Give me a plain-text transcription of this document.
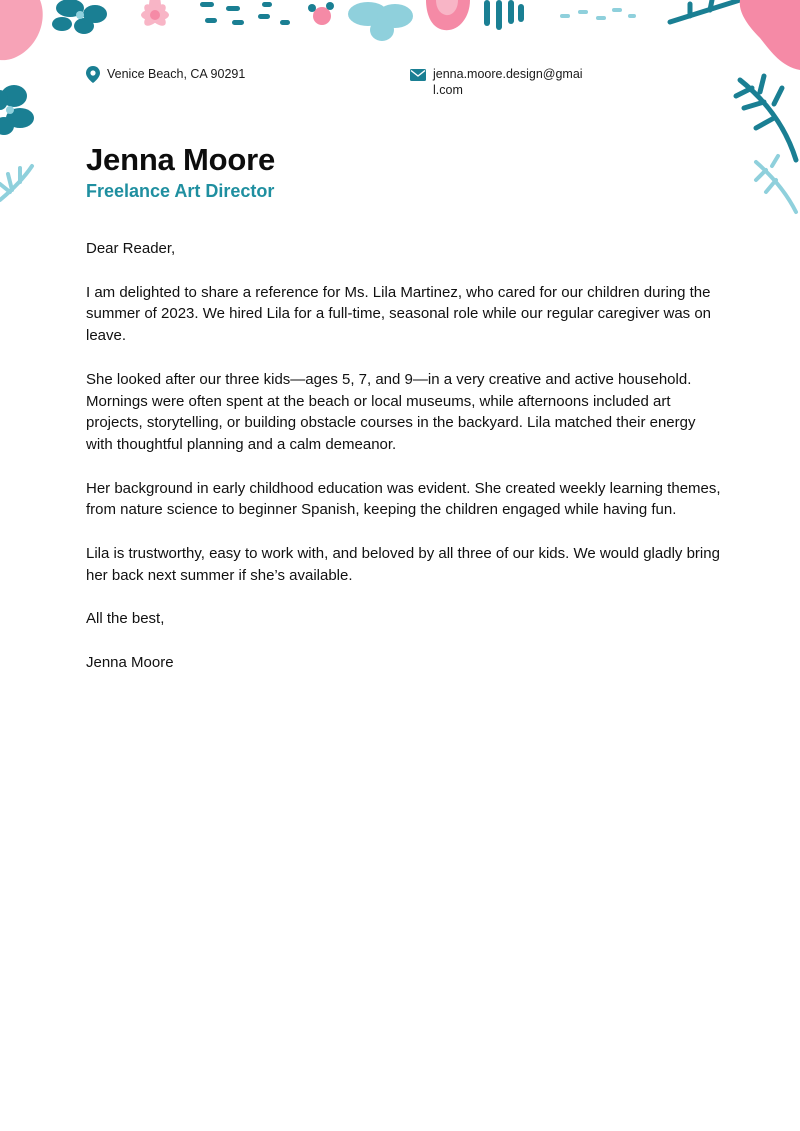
Venice Beach, CA 90291	jenna.moore.design@gmail.com
Jenna Moore
Freelance Art Director

Dear Reader,

I am delighted to share a reference for Ms. Lila Martinez, who cared for our children during the summer of 2023. We hired Lila for a full-time, seasonal role while our regular caregiver was on leave.

She looked after our three kids—ages 5, 7, and 9—in a very creative and active household. Mornings were often spent at the beach or local museums, while afternoons included art projects, storytelling, or building obstacle courses in the backyard. Lila matched their energy with thoughtful planning and a calm demeanor.

Her background in early childhood education was evident. She created weekly learning themes, from nature science to beginner Spanish, keeping the children engaged while having fun.

Lila is trustworthy, easy to work with, and beloved by all three of our kids. We would gladly bring her back next summer if she’s available.

All the best,

Jenna Moore
